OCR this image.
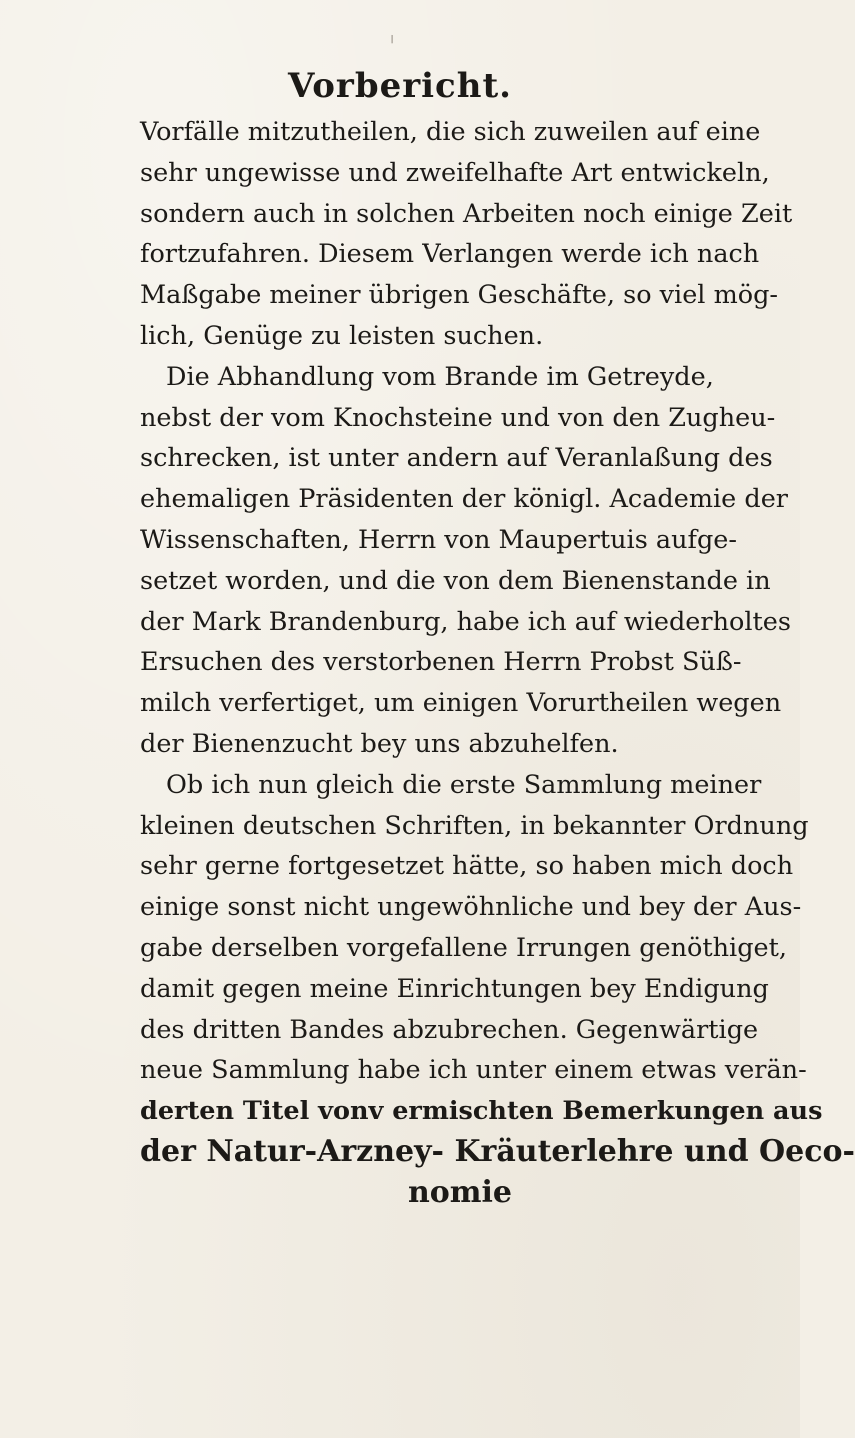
╵
Vorbericht.
Vorfälle mitzutheilen, die sich zuweilen auf eine
sehr ungewisse und zweifelhafte Art entwickeln,
sondern auch in solchen Arbeiten noch einige Zeit
fortzufahren. Diesem Verlangen werde ich nach
Maßgabe meiner übrigen Geschäfte, so viel mög-
lich, Genüge zu leisten suchen.
Die Abhandlung vom Brande im Getreyde,
nebst der vom Knochsteine und von den Zugheu-
schrecken, ist unter andern auf Veranlaßung des
ehemaligen Präsidenten der königl. Academie der
Wissenschaften, Herrn von Maupertuis aufge-
setzet worden, und die von dem Bienenstande in
der Mark Brandenburg, habe ich auf wiederholtes
Ersuchen des verstorbenen Herrn Probst Süß-
milch verfertiget, um einigen Vorurtheilen wegen
der Bienenzucht bey uns abzuhelfen.
Ob ich nun gleich die erste Sammlung meiner
kleinen deutschen Schriften, in bekannter Ordnung
sehr gerne fortgesetzet hätte, so haben mich doch
einige sonst nicht ungewöhnliche und bey der Aus-
gabe derselben vorgefallene Irrungen genöthiget,
damit gegen meine Einrichtungen bey Endigung
des dritten Bandes abzubrechen. Gegenwärtige
neue Sammlung habe ich unter einem etwas verän-
derten Titel vonv ermischten Bemerkungen aus
der Natur-Arzney- Kräuterlehre und Oeco-
nomie
